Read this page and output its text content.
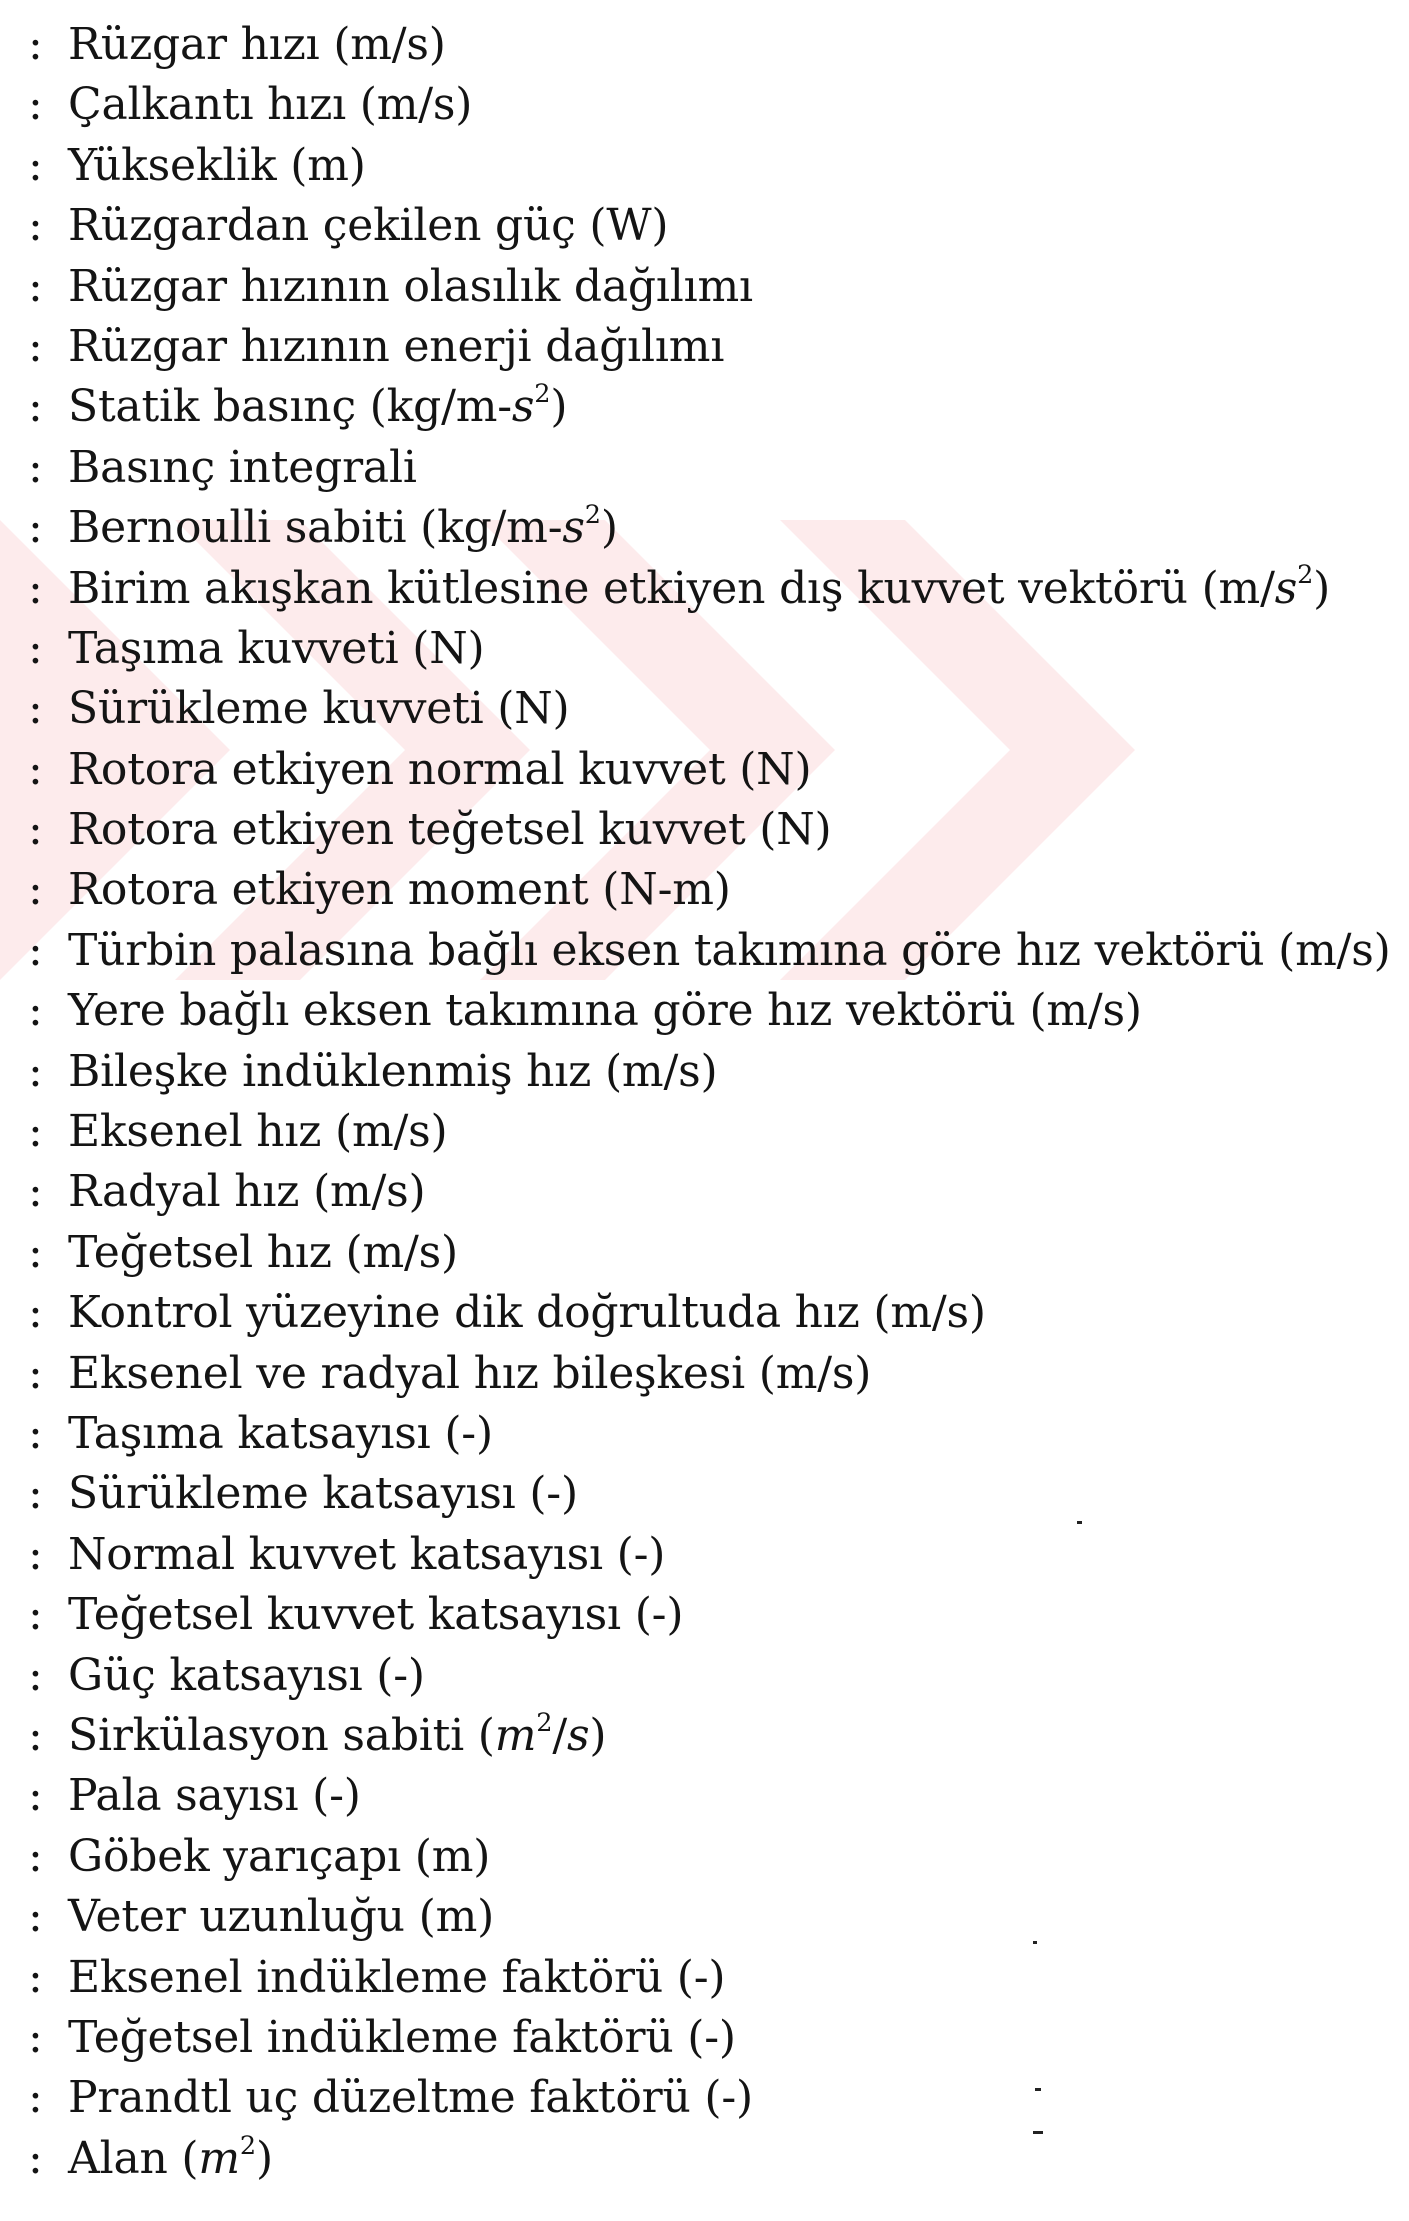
: Rüzgar hızı (m/s)
: Çalkantı hızı (m/s)
: Yükseklik (m)
: Rüzgardan çekilen güç (W)
: Rüzgar hızının olasılık dağılımı
: Rüzgar hızının enerji dağılımı
: Statik basınç $(kg/m-s^2)$
: Basınç integrali
: Bernoulli sabiti $(kg/m-s^2)$
: Birim akışkan kütlesine etkiyen dış kuvvet vektörü $(m/s^2)$
: Taşıma kuvveti (N)
: Sürükleme kuvveti (N)
: Rotora etkiyen normal kuvvet (N)
: Rotora etkiyen teğetsel kuvvet (N)
: Rotora etkiyen moment (N-m)
: Türbin palasına bağlı eksen takımına göre hız vektörü (m/s)
: Yere bağlı eksen takımına göre hız vektörü (m/s)
: Bileşke indüklenmiş hız (m/s)
: Eksenel hız (m/s)
: Radyal hız (m/s)
: Teğetsel hız (m/s)
: Kontrol yüzeyine dik doğrultuda hız (m/s)
: Eksenel ve radyal hız bileşkesi (m/s)
: Taşıma katsayısı (-)
: Sürükleme katsayısı (-)
: Normal kuvvet katsayısı (-)
: Teğetsel kuvvet katsayısı (-)
: Güç katsayısı (-)
: Sirkülasyon sabiti $(m^2/s)$
: Pala sayısı (-)
: Göbek yarıçapı (m)
: Veter uzunluğu (m)
: Eksenel indükleme faktörü (-)
: Teğetsel indükleme faktörü (-)
: Prandtl uç düzeltme faktörü (-)
: Alan $(m^2)$
